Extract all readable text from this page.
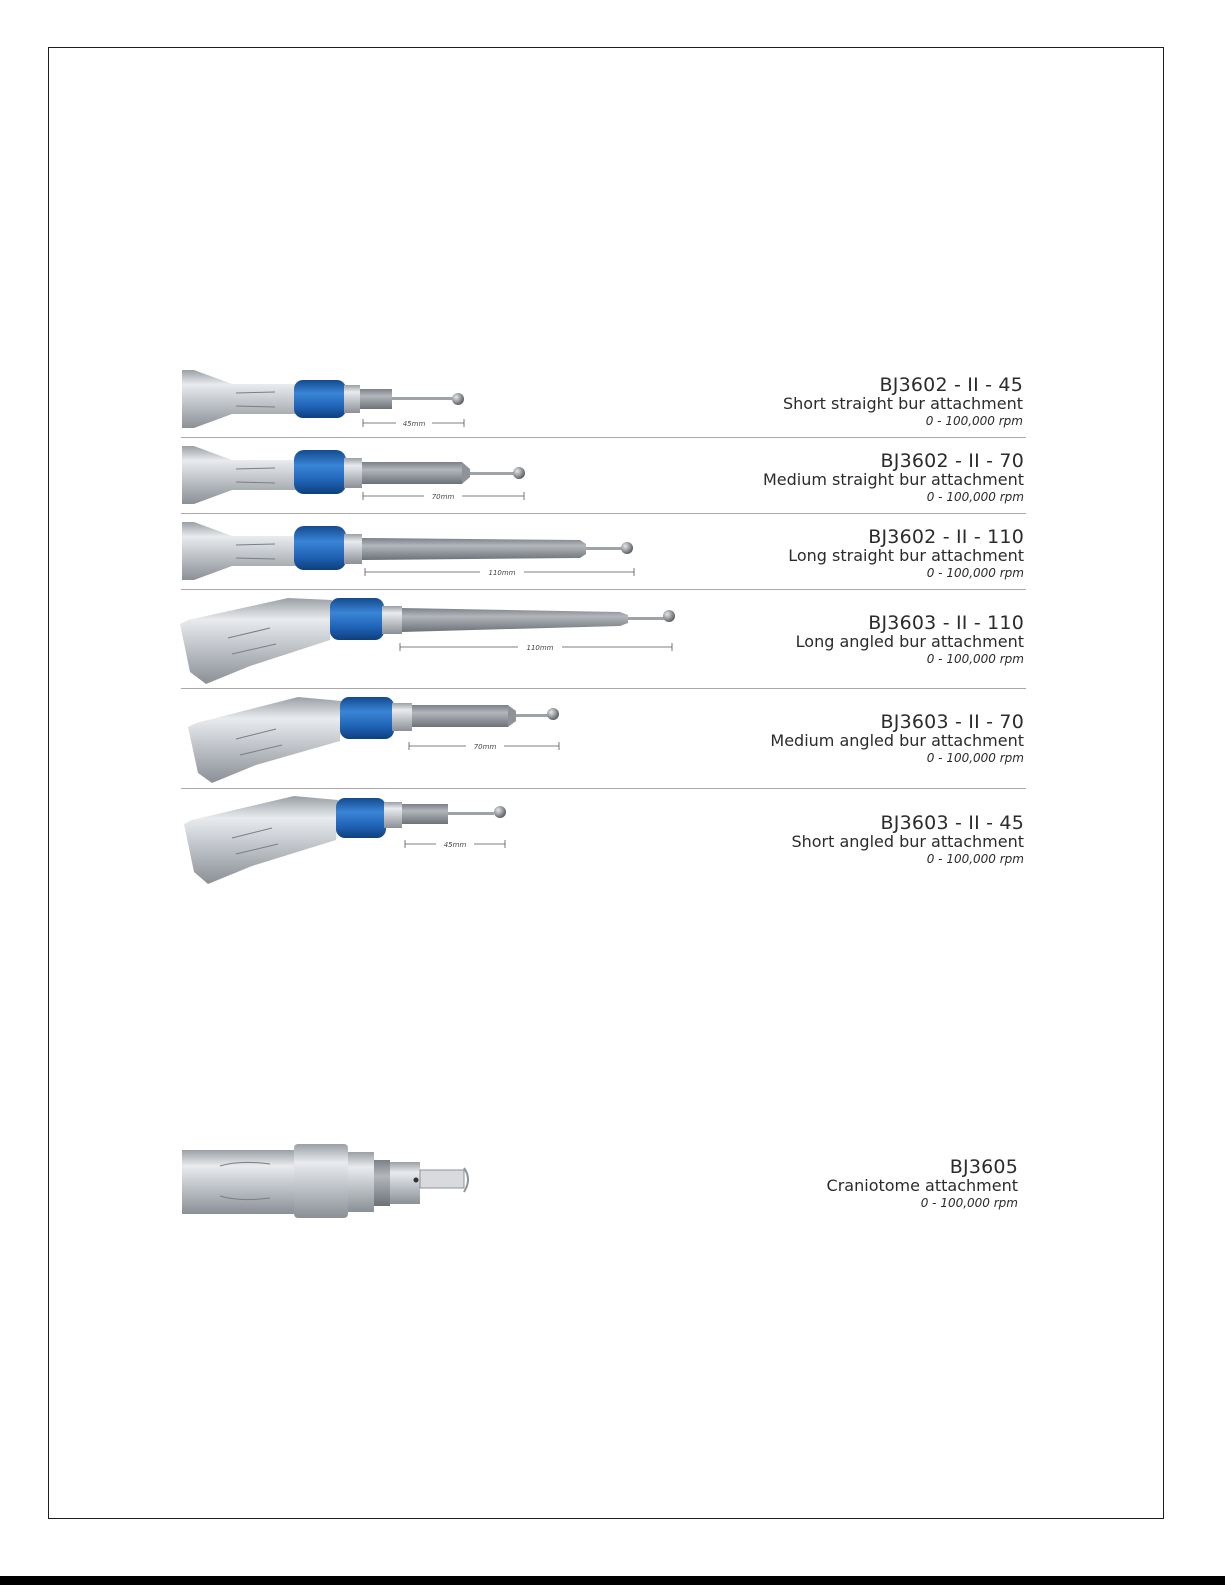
45mm
BJ3602 - II - 45
Short straight bur attachment
0 - 100,000 rpm
70mm
BJ3602 - II - 70
Medium straight bur attachment
0 - 100,000 rpm
110mm
BJ3602 - II - 110
Long straight bur attachment
0 - 100,000 rpm
110mm
BJ3603 - II - 110
Long angled bur attachment
0 - 100,000 rpm
70mm
BJ3603 - II - 70
Medium angled bur attachment
0 - 100,000 rpm
45mm
BJ3603 - II - 45
Short angled bur attachment
0 - 100,000 rpm
BJ3605
Craniotome attachment
0 - 100,000 rpm
